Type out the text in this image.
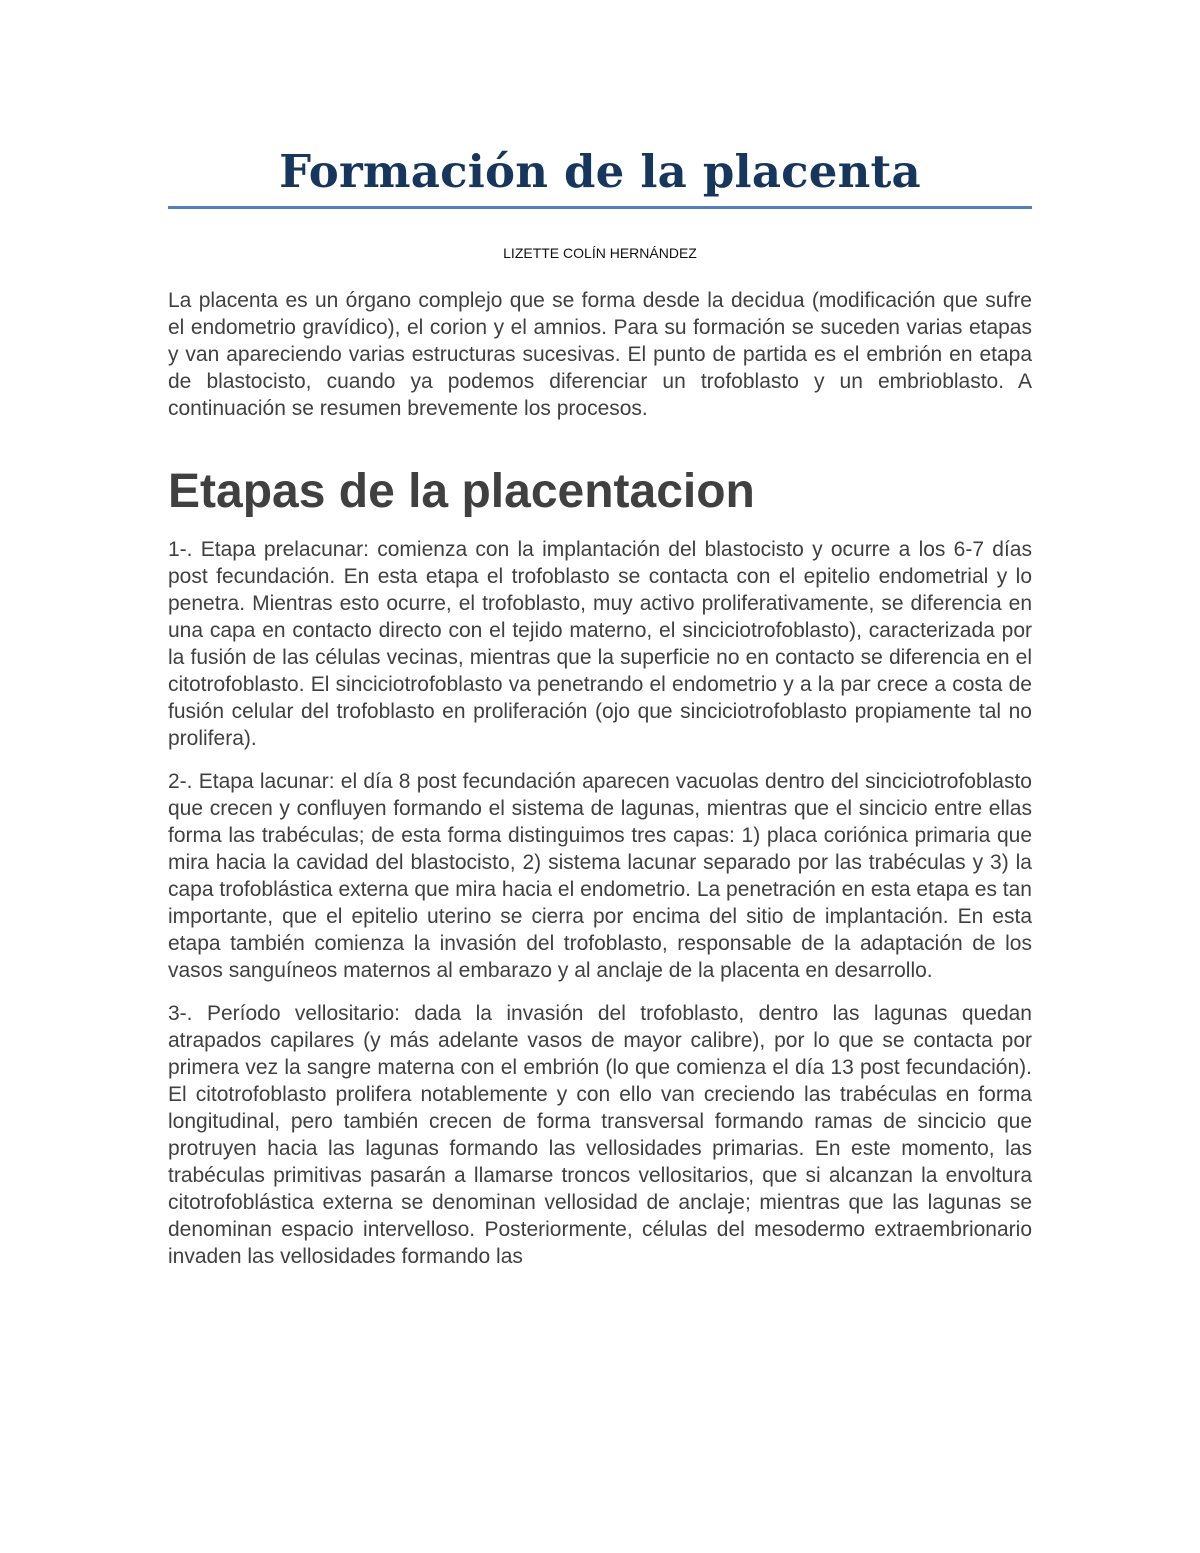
Formación de la placenta
LIZETTE COLÍN HERNÁNDEZ

La placenta es un órgano complejo que se forma desde la decidua (modificación que sufre el endometrio gravídico), el corion y el amnios. Para su formación se suceden varias etapas y van apareciendo varias estructuras sucesivas. El punto de partida es el embrión en etapa de blastocisto, cuando ya podemos diferenciar un trofoblasto y un embrioblasto. A continuación se resumen brevemente los procesos.

Etapas de la placentacion

1-. Etapa prelacunar: comienza con la implantación del blastocisto y ocurre a los 6-7 días post fecundación. En esta etapa el trofoblasto se contacta con el epitelio endometrial y lo penetra. Mientras esto ocurre, el trofoblasto, muy activo proliferativamente, se diferencia en una capa en contacto directo con el tejido materno, el sinciciotrofoblasto), caracterizada por la fusión de las células vecinas, mientras que la superficie no en contacto se diferencia en el citotrofoblasto. El sinciciotrofoblasto va penetrando el endometrio y a la par crece a costa de fusión celular del trofoblasto en proliferación (ojo que sinciciotrofoblasto propiamente tal no prolifera).

2-. Etapa lacunar: el día 8 post fecundación aparecen vacuolas dentro del sinciciotrofoblasto que crecen y confluyen formando el sistema de lagunas, mientras que el sincicio entre ellas forma las trabéculas; de esta forma distinguimos tres capas: 1) placa coriónica primaria que mira hacia la cavidad del blastocisto, 2) sistema lacunar separado por las trabéculas y 3) la capa trofoblástica externa que mira hacia el endometrio. La penetración en esta etapa es tan importante, que el epitelio uterino se cierra por encima del sitio de implantación. En esta etapa también comienza la invasión del trofoblasto, responsable de la adaptación de los vasos sanguíneos maternos al embarazo y al anclaje de la placenta en desarrollo.

3-. Período vellositario: dada la invasión del trofoblasto, dentro las lagunas quedan atrapados capilares (y más adelante vasos de mayor calibre), por lo que se contacta por primera vez la sangre materna con el embrión (lo que comienza el día 13 post fecundación). El citotrofoblasto prolifera notablemente y con ello van creciendo las trabéculas en forma longitudinal, pero también crecen de forma transversal formando ramas de sincicio que protruyen hacia las lagunas formando las vellosidades primarias. En este momento, las trabéculas primitivas pasarán a llamarse troncos vellositarios, que si alcanzan la envoltura citotrofoblástica externa se denominan vellosidad de anclaje; mientras que las lagunas se denominan espacio intervelloso. Posteriormente, células del mesodermo extraembrionario invaden las vellosidades formando las
